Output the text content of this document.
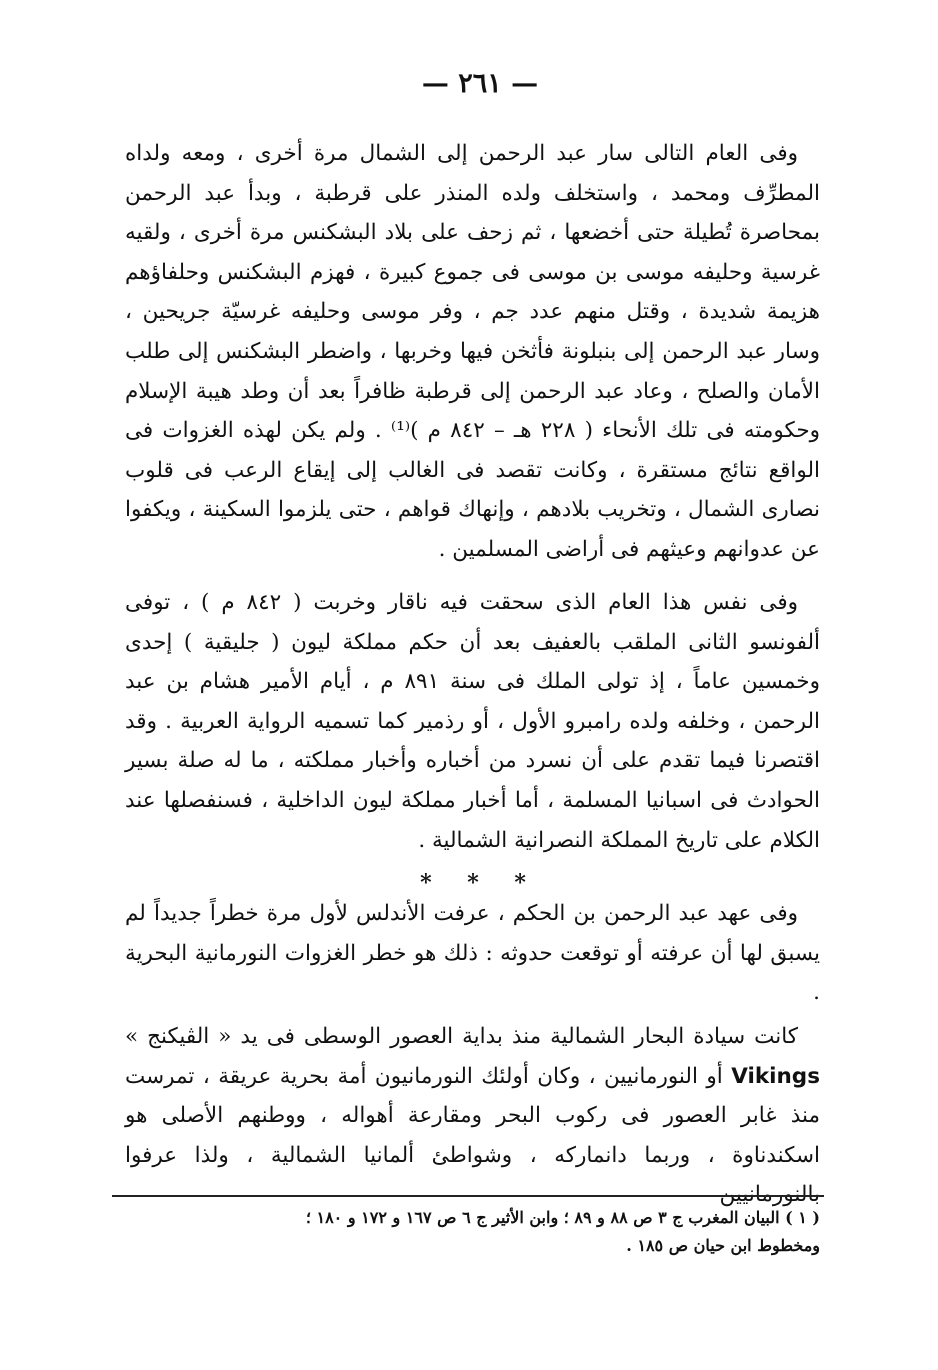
— ٢٦١ —

وفى العام التالى سار عبد الرحمن إلى الشمال مرة أخرى ، ومعه ولداه المطرِّف ومحمد ، واستخلف ولده المنذر على قرطبة ، وبدأ عبد الرحمن بمحاصرة تُطيلة حتى أخضعها ، ثم زحف على بلاد البشكنس مرة أخرى ، ولقيه غرسية وحليفه موسى بن موسى فى جموع كبيرة ، فهزم البشكنس وحلفاؤهم هزيمة شديدة ، وقتل منهم عدد جم ، وفر موسى وحليفه غرسيّة جريحين ، وسار عبد الرحمن إلى بنبلونة فأثخن فيها وخربها ، واضطر البشكنس إلى طلب الأمان والصلح ، وعاد عبد الرحمن إلى قرطبة ظافراً بعد أن وطد هيبة الإسلام وحكومته فى تلك الأنحاء ( ٢٢٨ هـ – ٨٤٢ م )⁽¹⁾ . ولم يكن لهذه الغزوات فى الواقع نتائج مستقرة ، وكانت تقصد فى الغالب إلى إيقاع الرعب فى قلوب نصارى الشمال ، وتخريب بلادهم ، وإنهاك قواهم ، حتى يلزموا السكينة ، ويكفوا عن عدوانهم وعيثهم فى أراضى المسلمين .

وفى نفس هذا العام الذى سحقت فيه ناقار وخربت ( ٨٤٢ م ) ، توفى ألفونسو الثانى الملقب بالعفيف بعد أن حكم مملكة ليون ( جليقية ) إحدى وخمسين عاماً ، إذ تولى الملك فى سنة ٨٩١ م ، أيام الأمير هشام بن عبد الرحمن ، وخلفه ولده رامبرو الأول ، أو رذمير كما تسميه الرواية العربية . وقد اقتصرنا فيما تقدم على أن نسرد من أخباره وأخبار مملكته ، ما له صلة بسير الحوادث فى اسبانيا المسلمة ، أما أخبار مملكة ليون الداخلية ، فسنفصلها عند الكلام على تاريخ المملكة النصرانية الشمالية .

* * *

وفى عهد عبد الرحمن بن الحكم ، عرفت الأندلس لأول مرة خطراً جديداً لم يسبق لها أن عرفته أو توقعت حدوثه : ذلك هو خطر الغزوات النورمانية البحرية .

كانت سيادة البحار الشمالية منذ بداية العصور الوسطى فى يد « الڤيكنج » Vikings أو النورمانيين ، وكان أولئك النورمانيون أمة بحرية عريقة ، تمرست منذ غابر العصور فى ركوب البحر ومقارعة أهواله ، ووطنهم الأصلى هو اسكندناوة ، وربما دانماركه ، وشواطئ ألمانيا الشمالية ، ولذا عرفوا بالنورمانيين

( ١ ) البيان المغرب ج ٣ ص ٨٨ و ٨٩ ؛ وابن الأثير ج ٦ ص ١٦٧ و ١٧٢ و ١٨٠ ؛

ومخطوط ابن حيان ص ١٨٥ .
